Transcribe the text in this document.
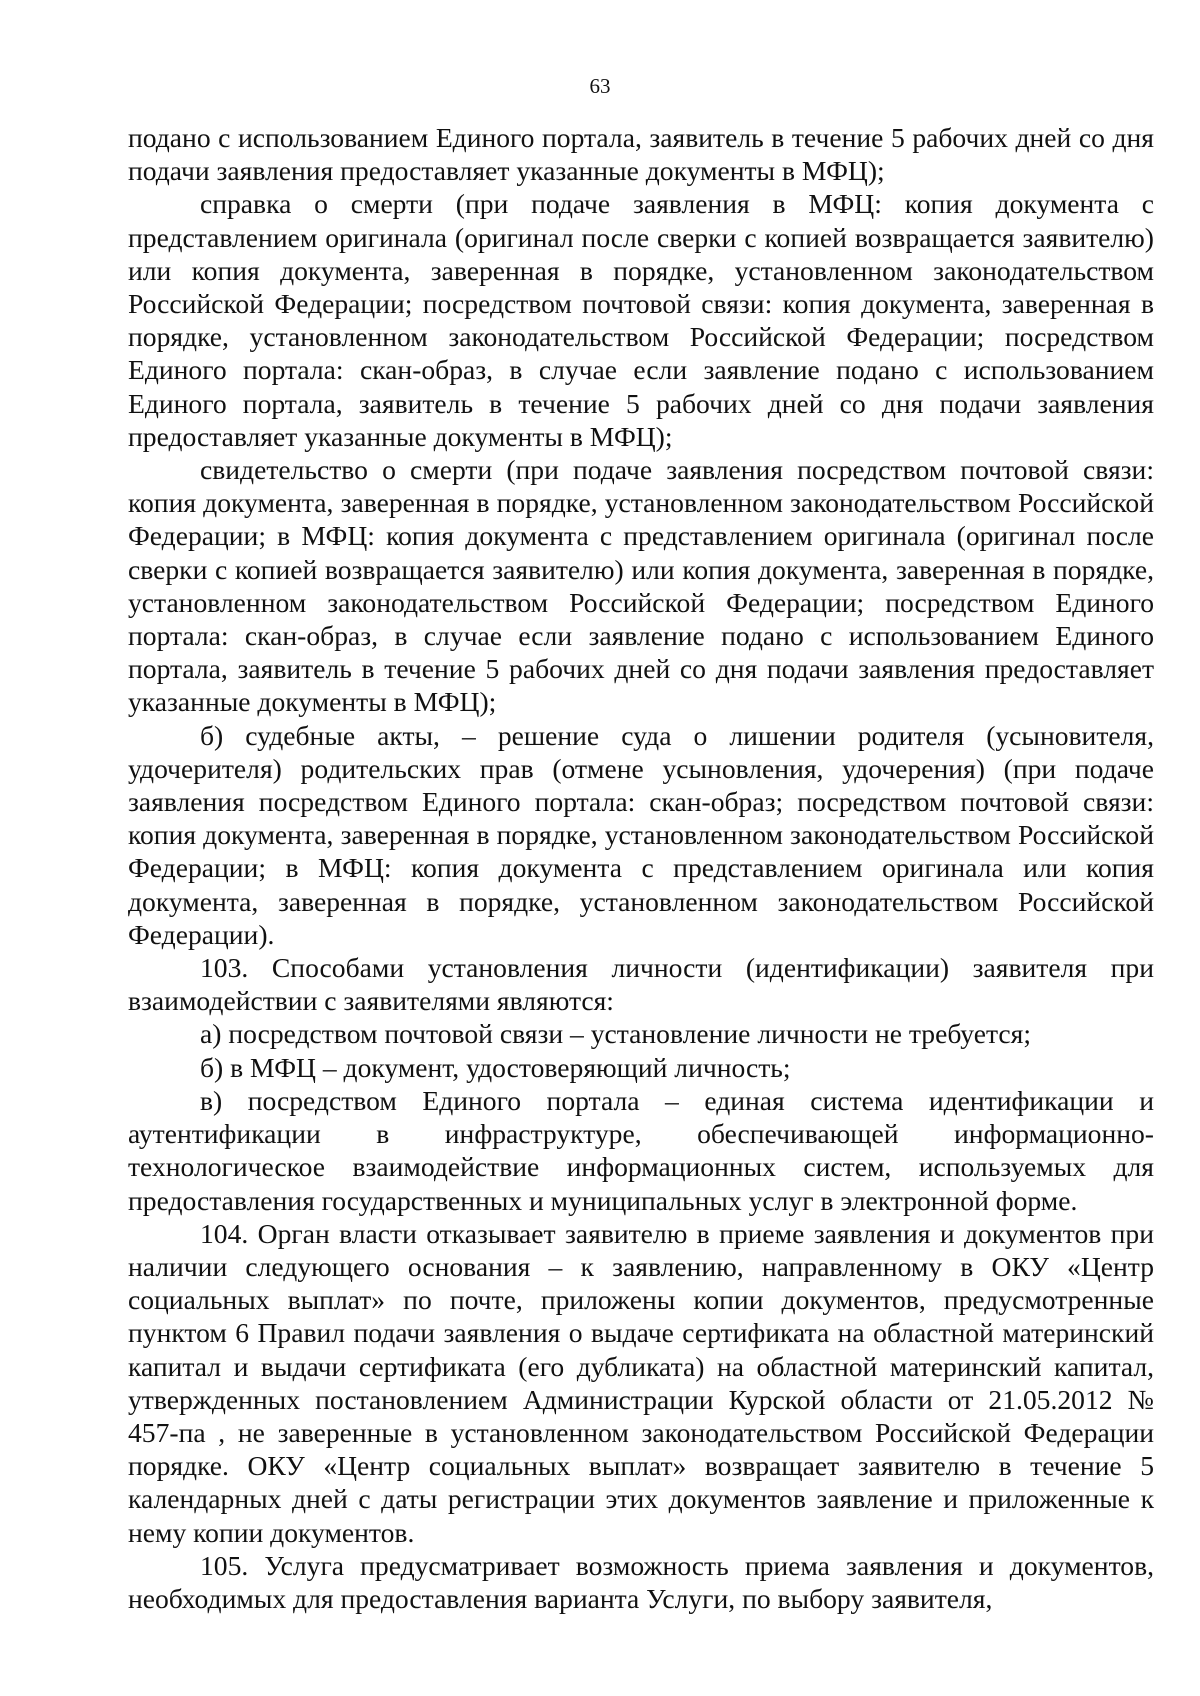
63

подано с использованием Единого портала, заявитель в течение 5 рабочих дней со дня подачи заявления предоставляет указанные документы в МФЦ);

справка о смерти (при подаче заявления в МФЦ: копия документа с представлением оригинала (оригинал после сверки с копией возвращается заявителю) или копия документа, заверенная в порядке, установленном законодательством Российской Федерации; посредством почтовой связи: копия документа, заверенная в порядке, установленном законодательством Российской Федерации; посредством Единого портала: скан-образ, в случае если заявление подано с использованием Единого портала, заявитель в течение 5 рабочих дней со дня подачи заявления предоставляет указанные документы в МФЦ);

свидетельство о смерти (при подаче заявления посредством почтовой связи: копия документа, заверенная в порядке, установленном законодательством Российской Федерации; в МФЦ: копия документа с представлением оригинала (оригинал после сверки с копией возвращается заявителю) или копия документа, заверенная в порядке, установленном законодательством Российской Федерации; посредством Единого портала: скан-образ, в случае если заявление подано с использованием Единого портала, заявитель в течение 5 рабочих дней со дня подачи заявления предоставляет указанные документы в МФЦ);

б) судебные акты, – решение суда о лишении родителя (усыновителя, удочерителя) родительских прав (отмене усыновления, удочерения) (при подаче заявления посредством Единого портала: скан-образ; посредством почтовой связи: копия документа, заверенная в порядке, установленном законодательством Российской Федерации; в МФЦ: копия документа с представлением оригинала или копия документа, заверенная в порядке, установленном законодательством Российской Федерации).

103. Способами установления личности (идентификации) заявителя при взаимодействии с заявителями являются:

а) посредством почтовой связи – установление личности не требуется;

б) в МФЦ – документ, удостоверяющий личность;

в) посредством Единого портала – единая система идентификации и аутентификации в инфраструктуре, обеспечивающей информационно-технологическое взаимодействие информационных систем, используемых для предоставления государственных и муниципальных услуг в электронной форме.

104. Орган власти отказывает заявителю в приеме заявления и документов при наличии следующего основания – к заявлению, направленному в ОКУ «Центр социальных выплат» по почте, приложены копии документов, предусмотренные пунктом 6 Правил подачи заявления о выдаче сертификата на областной материнский капитал и выдачи сертификата (его дубликата) на областной материнский капитал, утвержденных постановлением Администрации Курской области от 21.05.2012 № 457-па , не заверенные в установленном законодательством Российской Федерации порядке. ОКУ «Центр социальных выплат» возвращает заявителю в течение 5 календарных дней с даты регистрации этих документов заявление и приложенные к нему копии документов.

105. Услуга предусматривает возможность приема заявления и документов, необходимых для предоставления варианта Услуги, по выбору заявителя,
